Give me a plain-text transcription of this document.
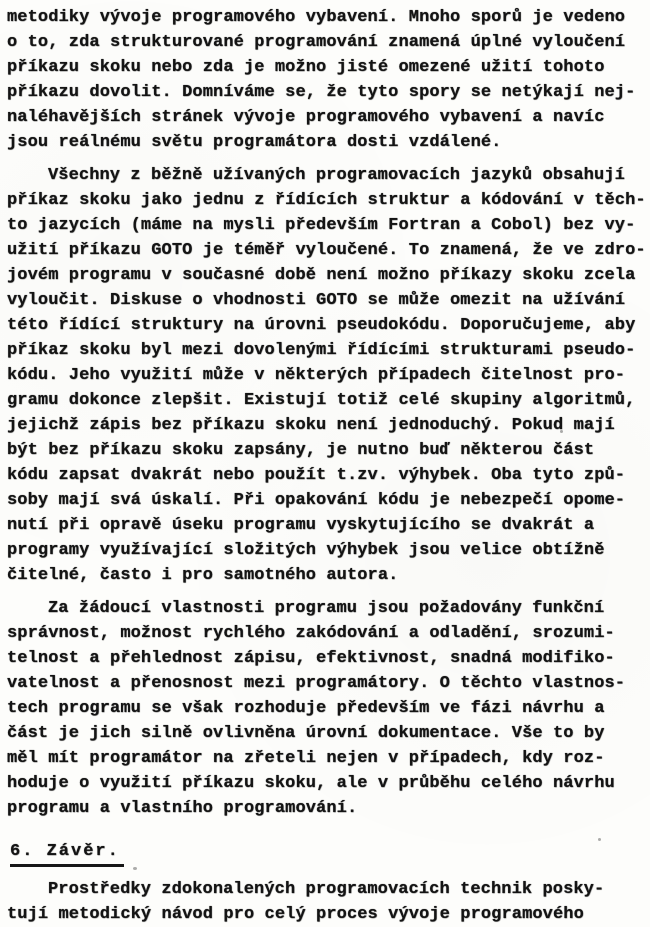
metodiky vývoje programového vybavení. Mnoho sporů je vedeno
o to, zda strukturované programování znamená úplné vyloučení
příkazu skoku nebo zda je možno jisté omezené užití tohoto
příkazu dovolit. Domníváme se, že tyto spory se netýkají nej-
naléhavějších stránek vývoje programového vybavení a navíc
jsou reálnému světu programátora dosti vzdálené.

Všechny z běžně užívaných programovacích jazyků obsahují
příkaz skoku jako jednu z řídících struktur a kódování v těch-
to jazycích (máme na mysli především Fortran a Cobol) bez vy-
užití příkazu GOTO je téměř vyloučené. To znamená, že ve zdro-
jovém programu v současné době není možno příkazy skoku zcela
vyloučit. Diskuse o vhodnosti GOTO se může omezit na užívání
této řídící struktury na úrovni pseudokódu. Doporučujeme, aby
příkaz skoku byl mezi dovolenými řídícími strukturami pseudo-
kódu. Jeho využití může v některých případech čitelnost pro-
gramu dokonce zlepšit. Existují totiž celé skupiny algoritmů,
jejichž zápis bez příkazu skoku není jednoduchý. Pokud mají
být bez příkazu skoku zapsány, je nutno buď některou část
kódu zapsat dvakrát nebo použít t.zv. výhybek. Oba tyto způ-
soby mají svá úskalí. Při opakování kódu je nebezpečí opome-
nutí při opravě úseku programu vyskytujícího se dvakrát a
programy využívající složitých výhybek jsou velice obtížně
čitelné, často i pro samotného autora.

Za žádoucí vlastnosti programu jsou požadovány funkční
správnost, možnost rychlého zakódování a odladění, srozumi-
telnost a přehlednost zápisu, efektivnost, snadná modifiko-
vatelnost a přenosnost mezi programátory. O těchto vlastnos-
tech programu se však rozhoduje především ve fázi návrhu a
část je jich silně ovlivněna úrovní dokumentace. Vše to by
měl mít programátor na zřeteli nejen v případech, kdy roz-
hoduje o využití příkazu skoku, ale v průběhu celého návrhu
programu a vlastního programování.

6. Závěr.

Prostředky zdokonalených programovacích technik posky-
tují metodický návod pro celý proces vývoje programového
